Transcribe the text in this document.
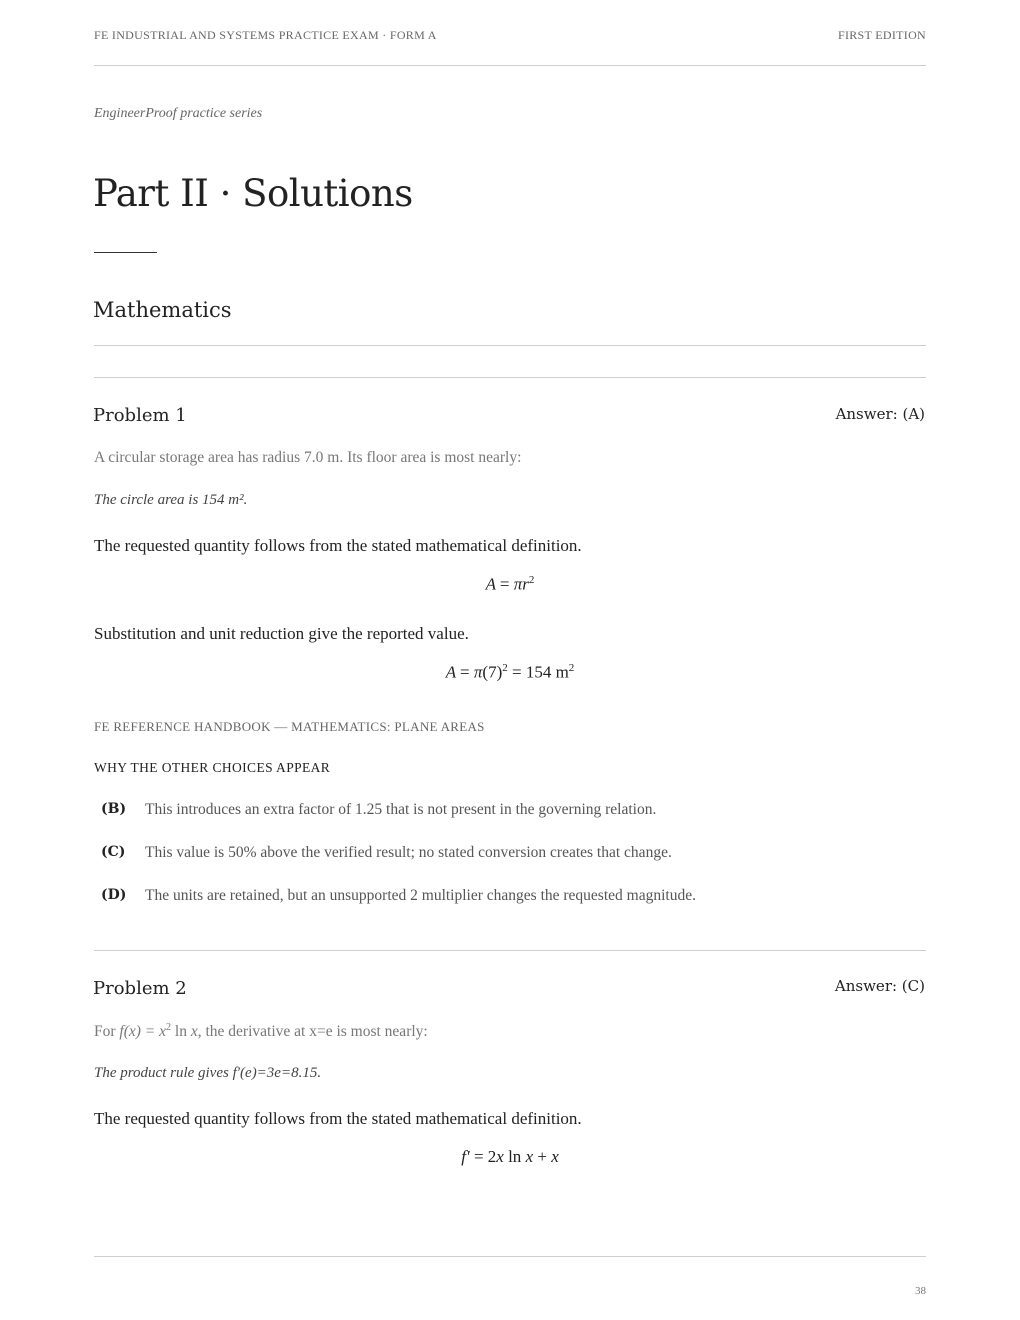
FE INDUSTRIAL AND SYSTEMS PRACTICE EXAM · FORM A	FIRST EDITION
EngineerProof practice series
Part II · Solutions
Mathematics
Problem 1	Answer: (A)
A circular storage area has radius 7.0 m. Its floor area is most nearly:
The circle area is 154 m².
The requested quantity follows from the stated mathematical definition.
$A = \pi r^2$
Substitution and unit reduction give the reported value.
$A = \pi(7)^2 = 154$ $m^2$
FE REFERENCE HANDBOOK — MATHEMATICS: PLANE AREAS
WHY THE OTHER CHOICES APPEAR
(B) This introduces an extra factor of 1.25 that is not present in the governing relation.
(C) This value is 50% above the verified result; no stated conversion creates that change.
(D) The units are retained, but an unsupported 2 multiplier changes the requested magnitude.
Problem 2	Answer: (C)
For $f(x) = x^2$ ln x, the derivative at x=e is most nearly:
The product rule gives f′(e)=3e=8.15.
The requested quantity follows from the stated mathematical definition.
f′ = 2x ln x + x
38
